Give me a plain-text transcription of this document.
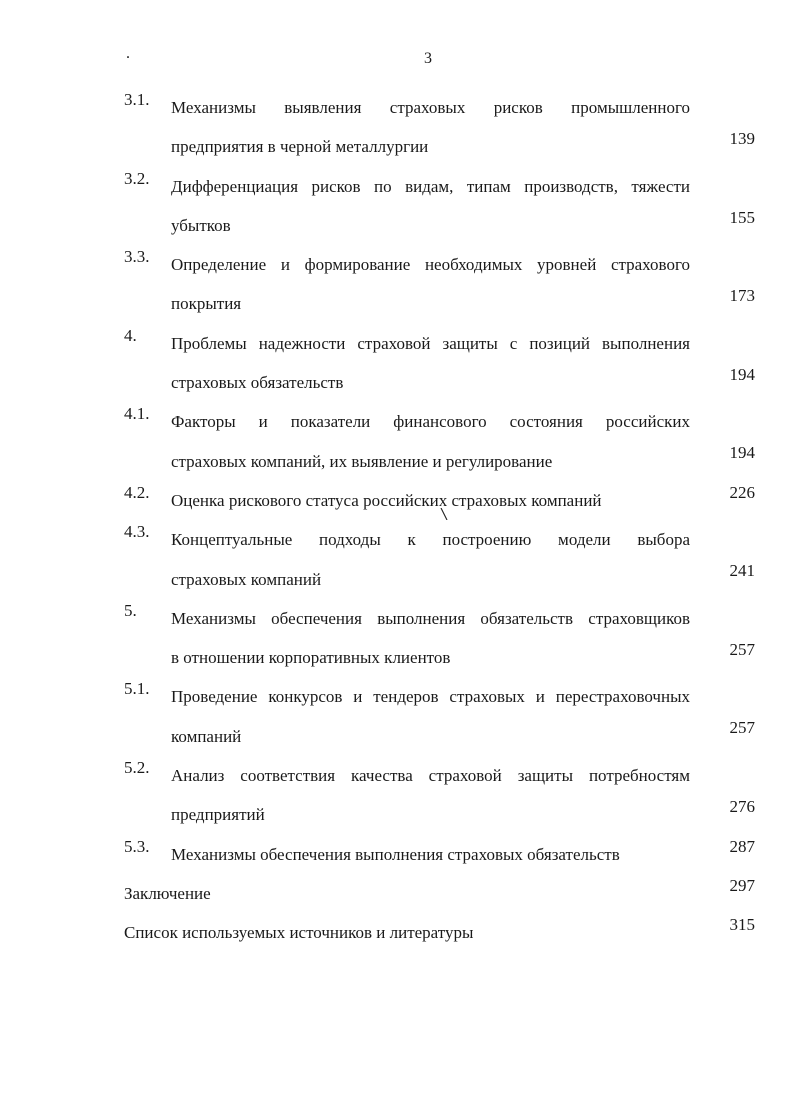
.	3
3.1. Механизмы выявления страховых рисков промышленного
предприятия в черной металлургии	139
3.2. Дифференциация рисков по видам, типам производств, тяжести
убытков	155
3.3. Определение и формирование необходимых уровней страхового
покрытия	173
4. Проблемы надежности страховой защиты с позиций выполнения
страховых обязательств	194
4.1. Факторы и показатели финансового состояния российских
страховых компаний, их выявление и регулирование	194
4.2. Оценка рискового статуса российских страховых компаний	226
4.3. Концептуальные подходы к построению модели выбора
страховых компаний	241
5. Механизмы обеспечения выполнения обязательств страховщиков
в отношении корпоративных клиентов	257
5.1. Проведение конкурсов и тендеров страховых и перестраховочных
компаний	257
5.2. Анализ соответствия качества страховой защиты потребностям
предприятий	276
5.3. Механизмы обеспечения выполнения страховых обязательств	287
Заключение	297
Список используемых источников и литературы	315
